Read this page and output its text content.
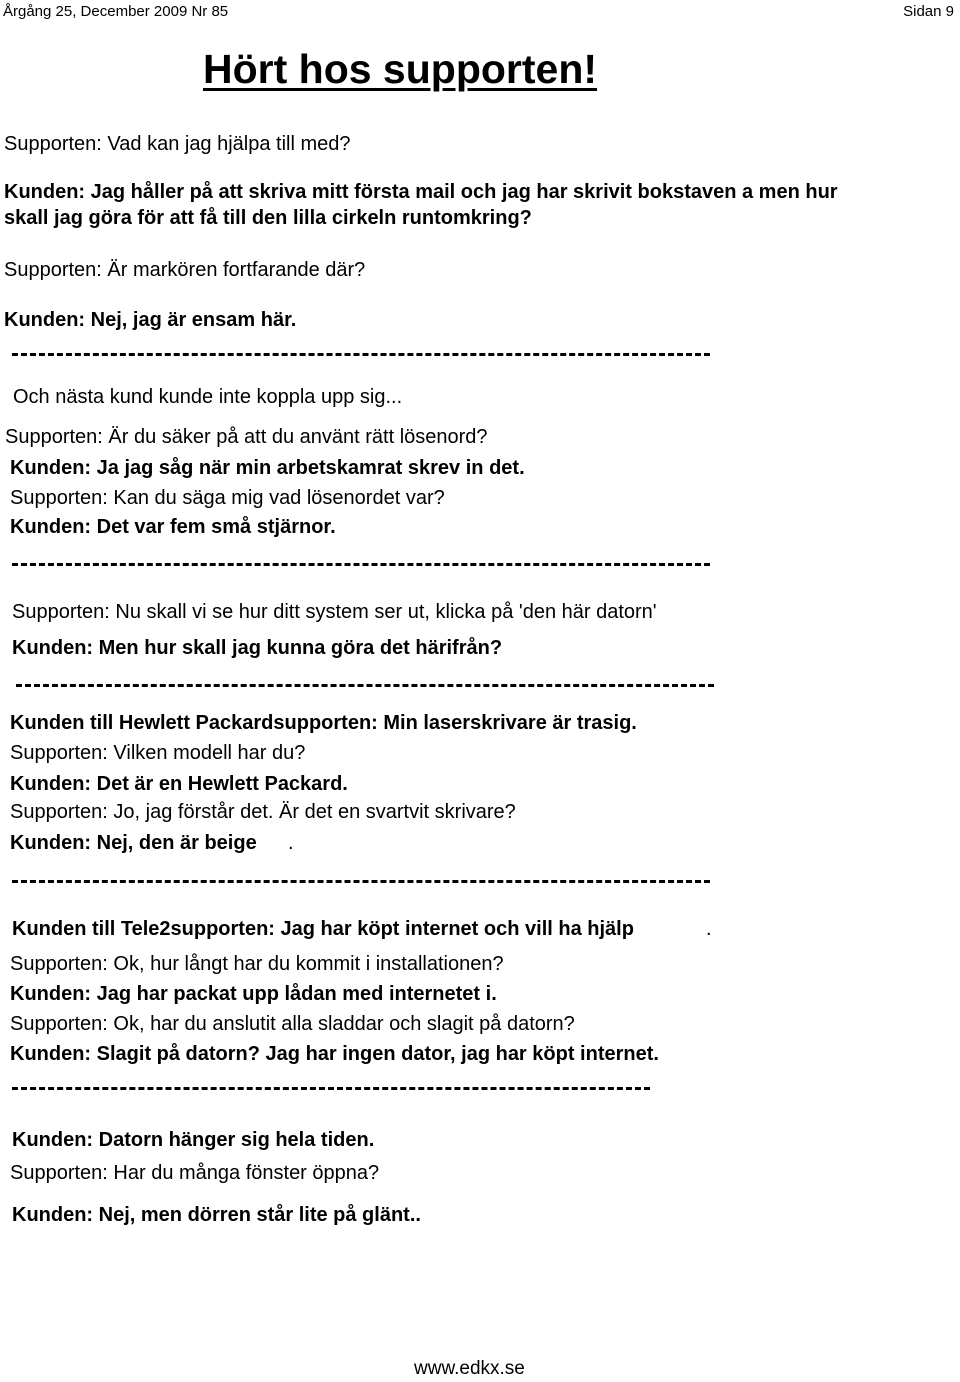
Årgång 25, December 2009 Nr 85	Sidan 9
Hört hos supporten!
Supporten: Vad kan jag hjälpa till med?
Kunden: Jag håller på att skriva mitt första mail och jag har skrivit bokstaven a men hur
skall jag göra för att få till den lilla cirkeln runtomkring?
Supporten: Är markören fortfarande där?
Kunden: Nej, jag är ensam här.
Och nästa kund kunde inte koppla upp sig...
Supporten: Är du säker på att du använt rätt lösenord?
Kunden: Ja jag såg när min arbetskamrat skrev in det.
Supporten: Kan du säga mig vad lösenordet var?
Kunden: Det var fem små stjärnor.
Supporten: Nu skall vi se hur ditt system ser ut, klicka på 'den här datorn'
Kunden: Men hur skall jag kunna göra det härifrån?
Kunden till Hewlett Packardsupporten: Min laserskrivare är trasig.
Supporten: Vilken modell har du?
Kunden: Det är en Hewlett Packard.
Supporten: Jo, jag förstår det. Är det en svartvit skrivare?
Kunden: Nej, den är beige .
Kunden till Tele2supporten: Jag har köpt internet och vill ha hjälp	.
Supporten: Ok, hur långt har du kommit i installationen?
Kunden: Jag har packat upp lådan med internetet i.
Supporten: Ok, har du anslutit alla sladdar och slagit på datorn?
Kunden: Slagit på datorn? Jag har ingen dator, jag har köpt internet.
Kunden: Datorn hänger sig hela tiden.
Supporten: Har du många fönster öppna?
Kunden: Nej, men dörren står lite på glänt..
www.edkx.se
